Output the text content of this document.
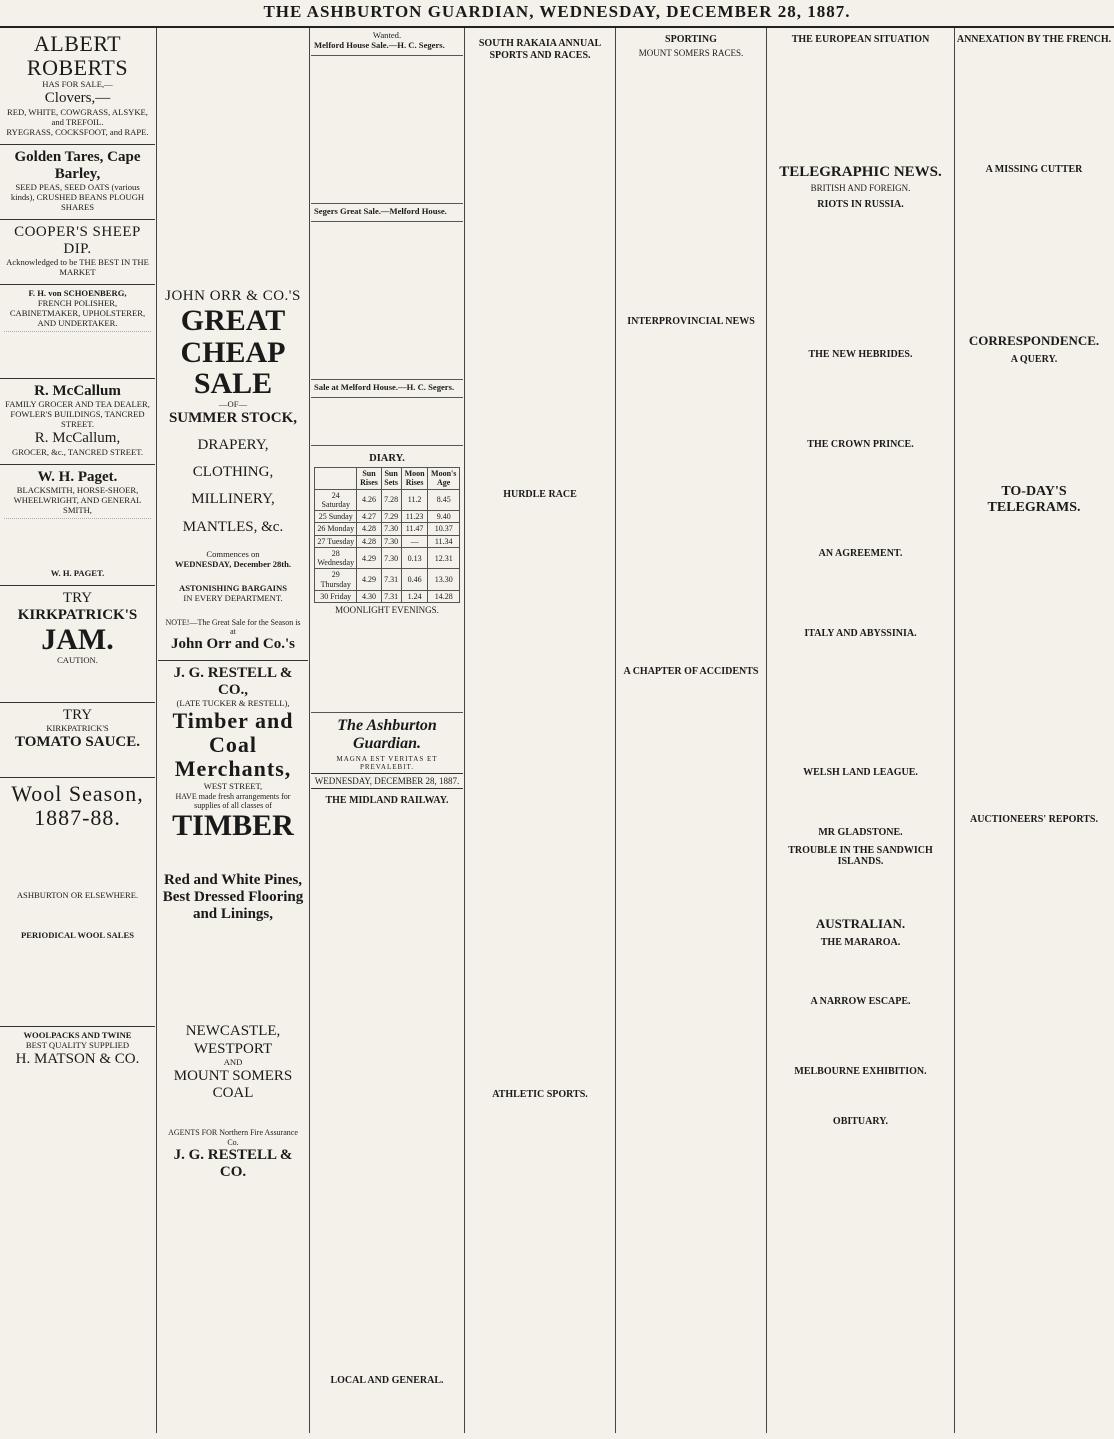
THE ASHBURTON GUARDIAN, WEDNESDAY, DECEMBER 28, 1887.
ALBERT ROBERTS
HAS FOR SALE,—
Clovers,—
RED, WHITE, COWGRASS, ALSYKE, and TREFOIL.
RYEGRASS, COCKSFOOT, and RAPE.
Golden Tares, Cape Barley,
SEED PEAS, SEED OATS (various kinds), CRUSHED BEANS PLOUGH SHARES
COOPER'S SHEEP DIP.
Acknowledged to be THE BEST IN THE MARKET
F. H. von SCHOENBERG,
FRENCH POLISHER, CABINETMAKER, UPHOLSTERER, AND UNDERTAKER.
R. McCallum
FAMILY GROCER AND TEA DEALER, FOWLER'S BUILDINGS, TANCRED STREET.
R. McCallum,
GROCER, &c., TANCRED STREET.
W. H. Paget.
BLACKSMITH, HORSE-SHOER, WHEELWRIGHT, AND GENERAL SMITH,
W. H. PAGET.
TRY
KIRKPATRICK'S
JAM.
CAUTION.
TRY
KIRKPATRICK'S
TOMATO SAUCE.
Wool Season,
1887-88.
ASHBURTON OR ELSEWHERE.
PERIODICAL WOOL SALES
WOOLPACKS AND TWINE
BEST QUALITY SUPPLIED
H. MATSON & CO.
JOHN ORR & CO.'S
GREAT
CHEAP SALE
—OF—
SUMMER STOCK,
DRAPERY,
CLOTHING,
MILLINERY,
MANTLES, &c.
Commences on
WEDNESDAY, December 28th.
ASTONISHING BARGAINS
IN EVERY DEPARTMENT.
NOTE!—The Great Sale for the Season is at
John Orr and Co.'s
J. G. RESTELL & CO.,
(LATE TUCKER & RESTELL),
Timber and Coal Merchants,
WEST STREET,
HAVE made fresh arrangements for supplies of all classes of
TIMBER
Red and White Pines,
Best Dressed Flooring and Linings,
NEWCASTLE, WESTPORT
AND
MOUNT SOMERS COAL
AGENTS FOR Northern Fire Assurance Co.
J. G. RESTELL & CO.
Wanted.
Melford House Sale.—H. C. Segers.
Segers Great Sale.—Melford House.
Sale at Melford House.—H. C. Segers.
DIARY.
	Sun Rises	Sun Sets	Moon Rises	Moon's Age
24 Saturday	4.26	7.28	11.2	8.45
25 Sunday	4.27	7.29	11.23	9.40
26 Monday	4.28	7.30	11.47	10.37
27 Tuesday	4.28	7.30	—	11.34
28 Wednesday	4.29	7.30	0.13	12.31
29 Thursday	4.29	7.31	0.46	13.30
30 Friday	4.30	7.31	1.24	14.28
MOONLIGHT EVENINGS.
The Ashburton Guardian.
MAGNA EST VERITAS ET PREVALEBIT.
WEDNESDAY, DECEMBER 28, 1887.
THE MIDLAND RAILWAY.
LOCAL AND GENERAL.
SOUTH RAKAIA ANNUAL SPORTS AND RACES.
HURDLE RACE
ATHLETIC SPORTS.
SPORTING
MOUNT SOMERS RACES.
INTERPROVINCIAL NEWS
A CHAPTER OF ACCIDENTS
THE EUROPEAN SITUATION
TELEGRAPHIC NEWS.
BRITISH AND FOREIGN.
RIOTS IN RUSSIA.
THE NEW HEBRIDES.
THE CROWN PRINCE.
AN AGREEMENT.
ITALY AND ABYSSINIA.
WELSH LAND LEAGUE.
MR GLADSTONE.
TROUBLE IN THE SANDWICH ISLANDS.
AUSTRALIAN.
THE MARAROA.
A NARROW ESCAPE.
MELBOURNE EXHIBITION.
OBITUARY.
ANNEXATION BY THE FRENCH.
A MISSING CUTTER
CORRESPONDENCE.
A QUERY.
TO-DAY'S TELEGRAMS.
AUCTIONEERS' REPORTS.
